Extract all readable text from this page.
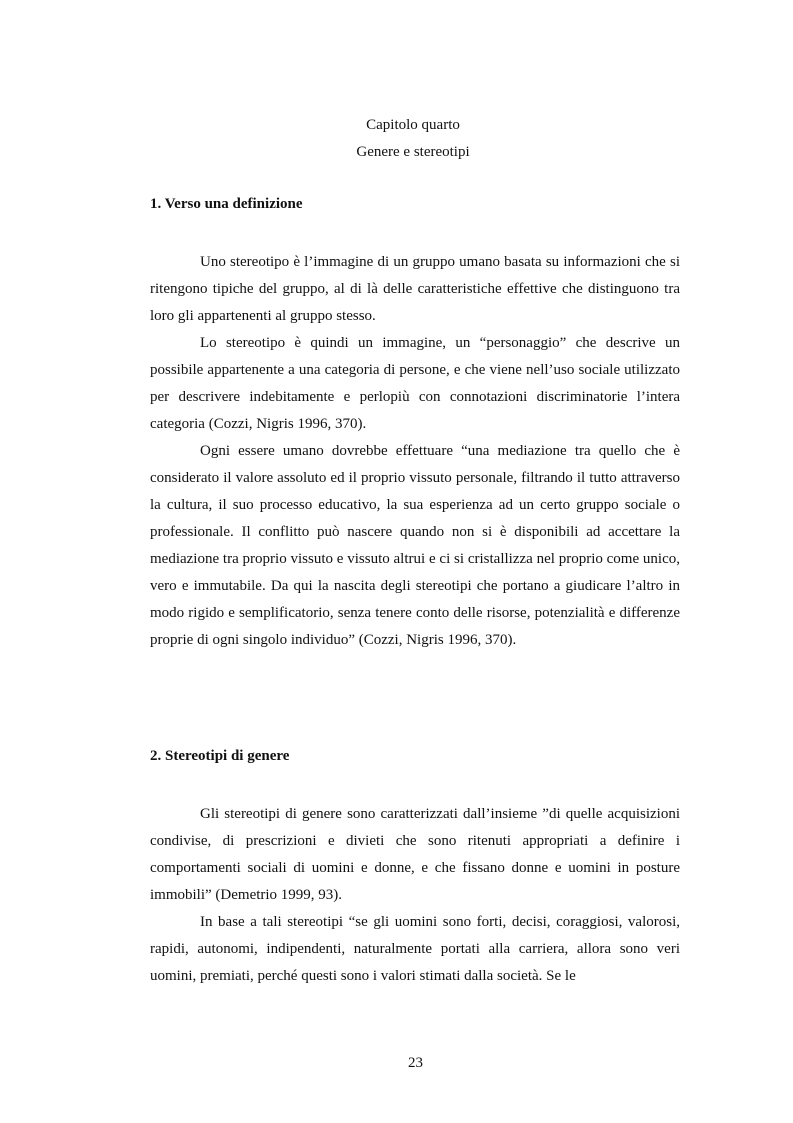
Capitolo quarto
Genere e stereotipi
1. Verso una definizione

Uno stereotipo è l’immagine di un gruppo umano basata su informazioni che si ritengono tipiche del gruppo, al di là delle caratteristiche effettive che distinguono tra loro gli appartenenti al gruppo stesso.

Lo stereotipo è quindi un immagine, un “personaggio” che descrive un possibile appartenente a una categoria di persone, e che viene nell’uso sociale utilizzato per descrivere indebitamente e perlopiù con connotazioni discriminatorie l’intera categoria (Cozzi, Nigris 1996, 370).

Ogni essere umano dovrebbe effettuare “una mediazione tra quello che è considerato il valore assoluto ed il proprio vissuto personale, filtrando il tutto attraverso la cultura, il suo processo educativo, la sua esperienza ad un certo gruppo sociale o professionale. Il conflitto può nascere quando non si è disponibili ad accettare la mediazione tra proprio vissuto e vissuto altrui e ci si cristallizza nel proprio come unico, vero e immutabile. Da qui la nascita degli stereotipi che portano a giudicare l’altro in modo rigido e semplificatorio, senza tenere conto delle risorse, potenzialità e differenze proprie di ogni singolo individuo” (Cozzi, Nigris 1996, 370).

2. Stereotipi di genere

Gli stereotipi di genere sono caratterizzati dall’insieme ”di quelle acquisizioni condivise, di prescrizioni e divieti che sono ritenuti appropriati a definire i comportamenti sociali di uomini e donne, e che fissano donne e uomini in posture immobili” (Demetrio 1999, 93).

In base a tali stereotipi “se gli uomini sono forti, decisi, coraggiosi, valorosi, rapidi, autonomi, indipendenti, naturalmente portati alla carriera, allora sono veri uomini, premiati, perché questi sono i valori stimati dalla società. Se le

23
